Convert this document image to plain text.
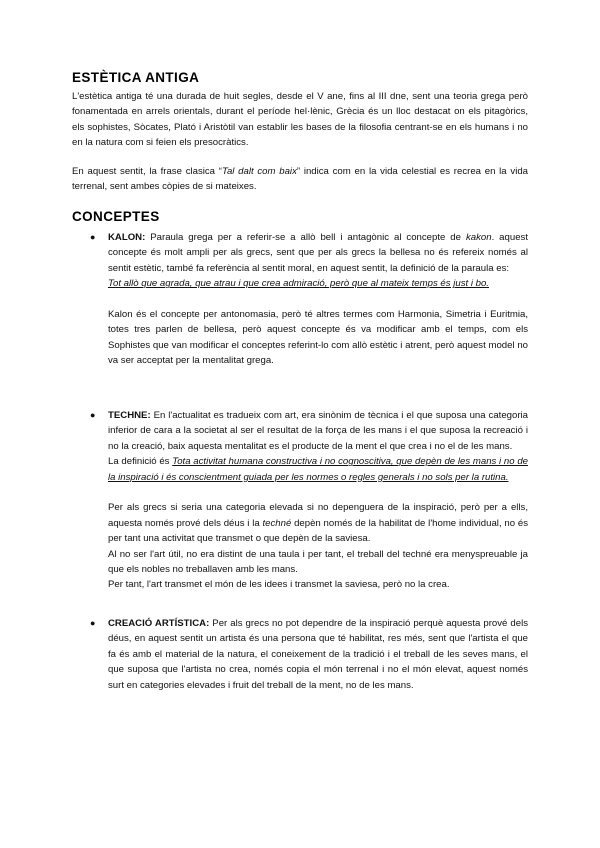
ESTÈTICA ANTIGA
L'estètica antiga té una durada de huit segles, desde el V ane, fins al III dne, sent una teoria grega però fonamentada en arrels orientals, durant el període hel·lènic, Grècia és un lloc destacat on els pitagòrics, els sophistes, Sòcates, Plató i Aristòtil van establir les bases de la filosofia centrant-se en els humans i no en la natura com si feien els presocràtics.
En aquest sentit, la frase clasica “Tal dalt com baix” indica com en la vida celestial es recrea en la vida terrenal, sent ambes còpies de si mateixes.
CONCEPTES
● KALON: Paraula grega per a referir-se a allò bell i antagònic al concepte de kakon. aquest concepte és molt ampli per als grecs, sent que per als grecs la bellesa no és refereix només al sentit estètic, també fa referència al sentit moral, en aquest sentit, la definició de la paraula es:
Tot allò que agrada, que atrau i que crea admiració, però que al mateix temps és just i bo.
Kalon és el concepte per antonomasia, però té altres termes com Harmonia, Simetria i Euritmia, totes tres parlen de bellesa, però aquest concepte és va modificar amb el temps, com els Sophistes que van modificar el conceptes referint-lo com allò estètic i atrent, però aquest model no va ser acceptat per la mentalitat grega.
● TECHNE: En l'actualitat es tradueix com art, era sinònim de tècnica i el que suposa una categoria inferior de cara a la societat al ser el resultat de la força de les mans i el que suposa la recreació i no la creació, baix aquesta mentalitat es el producte de la ment el que crea i no el de les mans.
La definició és Tota activitat humana constructiva i no cognoscitiva, que depèn de les mans i no de la inspiració i és conscientment guiada per les normes o regles generals i no sols per la rutina.
Per als grecs si seria una categoria elevada si no depenguera de la inspiració, però per a ells, aquesta només prové dels déus i la techné depèn només de la habilitat de l'home individual, no és per tant una activitat que transmet o que depèn de la saviesa.
Al no ser l'art útil, no era distint de una taula i per tant, el treball del techné era menyspreuable ja que els nobles no treballaven amb les mans.
Per tant, l'art transmet el món de les idees i transmet la saviesa, però no la crea.
● CREACIÓ ARTÍSTICA: Per als grecs no pot dependre de la inspiració perquè aquesta prové dels déus, en aquest sentit un artista és una persona que té habilitat, res més, sent que l'artista el que fa és amb el material de la natura, el coneixement de la tradició i el treball de les seves mans, el que suposa que l'artista no crea, només copia el món terrenal i no el món elevat, aquest només surt en categories elevades i fruit del treball de la ment, no de les mans.
